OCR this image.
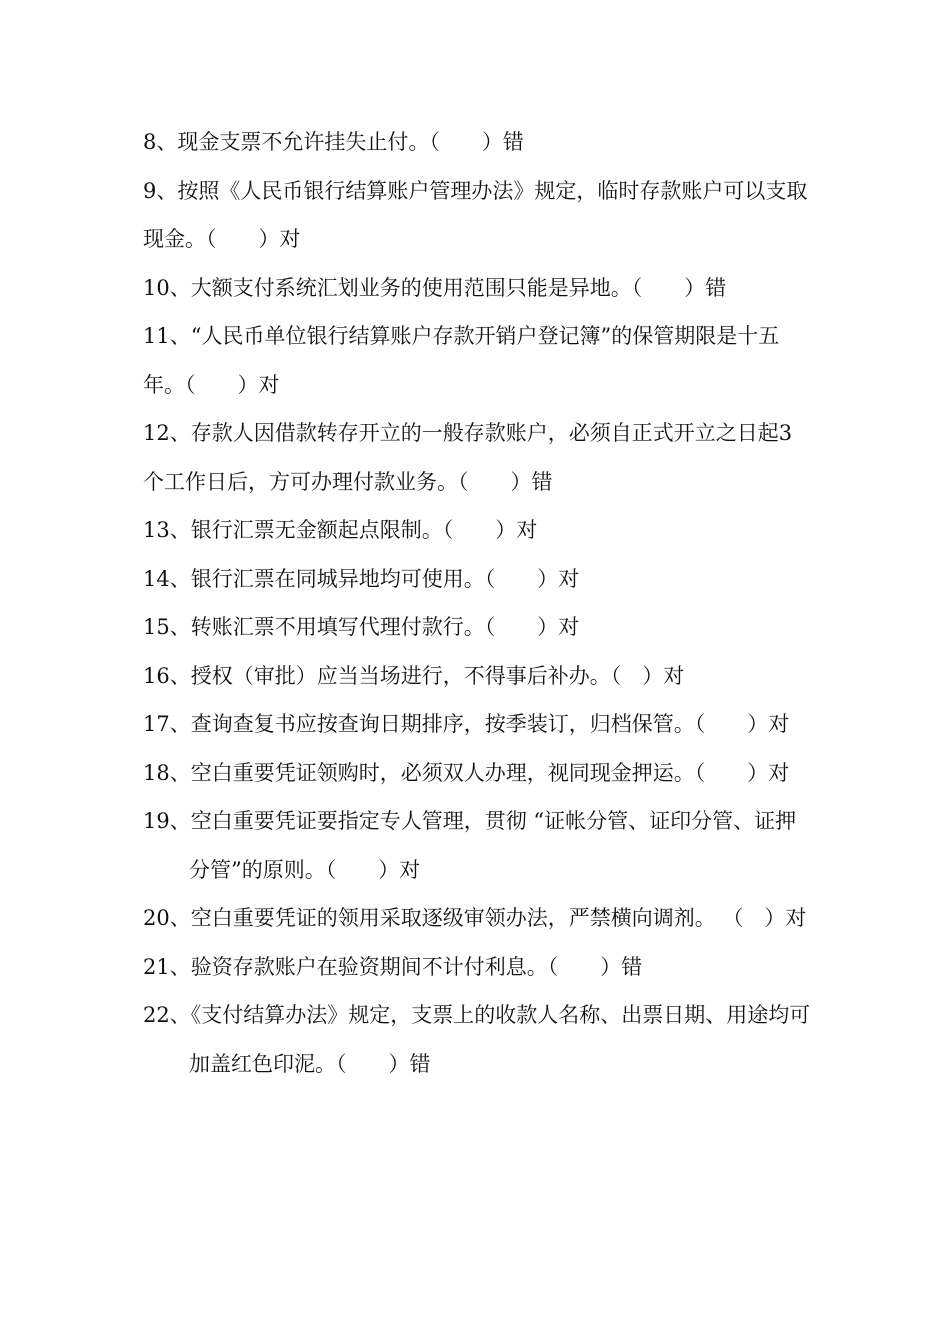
8、现金支票不允许挂失止付。（　　）错

9、按照《人民币银行结算账户管理办法》规定，临时存款账户可以支取现金。（　　）对

10、大额支付系统汇划业务的使用范围只能是异地。（　　）错

11、“人民币单位银行结算账户存款开销户登记簿”的保管期限是十五年。（　　）对

12、存款人因借款转存开立的一般存款账户，必须自正式开立之日起3个工作日后，方可办理付款业务。（　　）错

13、银行汇票无金额起点限制。（　　）对

14、银行汇票在同城异地均可使用。（　　）对

15、转账汇票不用填写代理付款行。（　　）对

16、授权（审批）应当当场进行，不得事后补办。（　）对

17、查询查复书应按查询日期排序，按季装订，归档保管。（　　）对

18、空白重要凭证领购时，必须双人办理，视同现金押运。（　　）对

19、空白重要凭证要指定专人管理，贯彻 “证帐分管、证印分管、证押分管”的原则。（　　）对

20、空白重要凭证的领用采取逐级审领办法，严禁横向调剂。 （　）对

21、验资存款账户在验资期间不计付利息。（　　）错

22、《支付结算办法》规定，支票上的收款人名称、出票日期、用途均可加盖红色印泥。（　　）错
